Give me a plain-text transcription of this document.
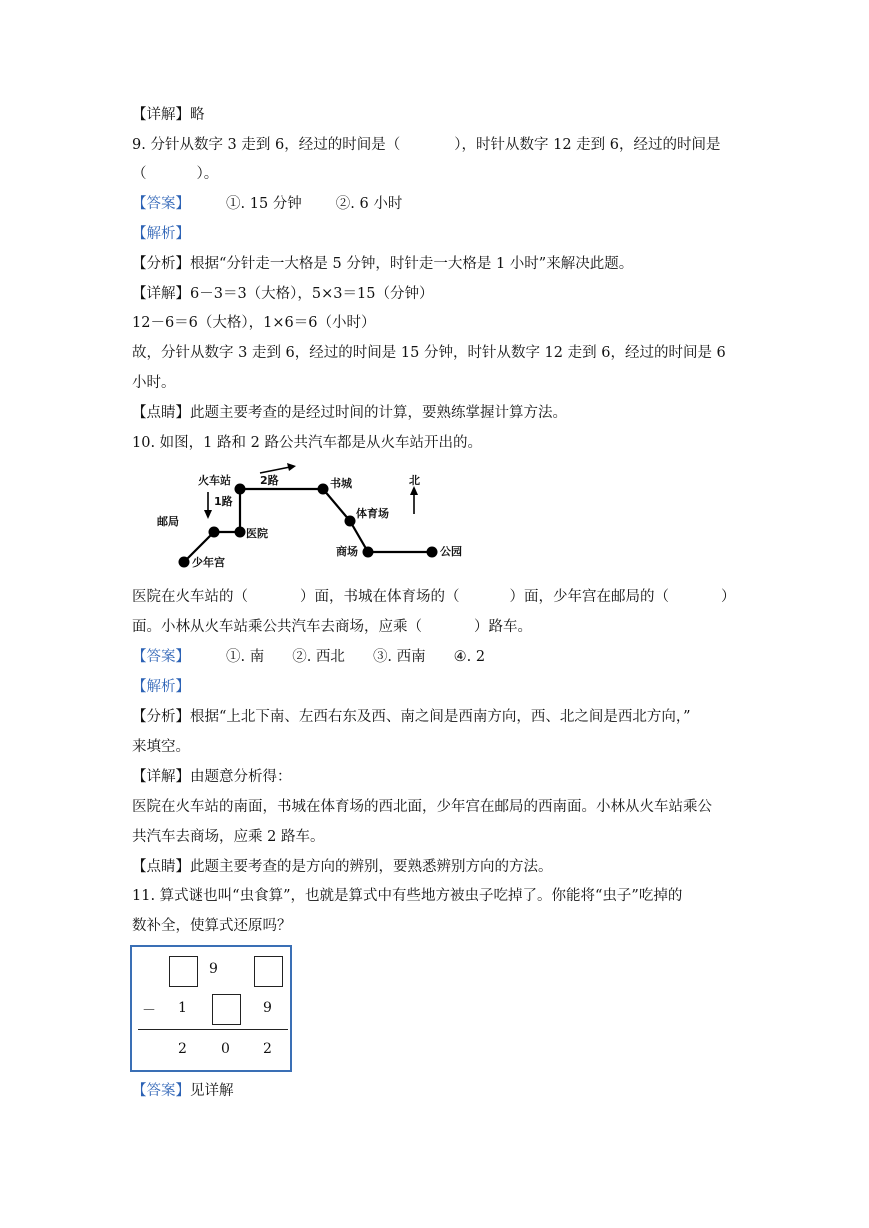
【详解】略
9. 分针从数字 3 走到 6，经过的时间是（	），时针从数字 12 走到 6，经过的时间是
（	）。
【答案】 ①. 15 分钟 ②. 6 小时
【解析】
【分析】根据“分针走一大格是 5 分钟，时针走一大格是 1 小时”来解决此题。
【详解】6－3＝3（大格），5×3＝15（分钟）
12－6＝6（大格），1×6＝6（小时）
故，分针从数字 3 走到 6，经过的时间是 15 分钟，时针从数字 12 走到 6，经过的时间是 6
小时。
【点睛】此题主要考查的是经过时间的计算，要熟练掌握计算方法。
10. 如图，1 路和 2 路公共汽车都是从火车站开出的。
火车站	2路
1路
书城	北
体育场
邮局
医院
商场	公园
少年宫
医院在火车站的（	）面，书城在体育场的（	）面，少年宫在邮局的（	）
面。小林从火车站乘公共汽车去商场，应乘（	）路车。
【答案】 ①. 南 ②. 西北 ③. 西南 ④. 2
【解析】
【分析】根据“上北下南、左西右东及西、南之间是西南方向，西、北之间是西北方向，”
来填空。
【详解】由题意分析得：
医院在火车站的南面，书城在体育场的西北面，少年宫在邮局的西南面。小林从火车站乘公
共汽车去商场，应乘 2 路车。
【点睛】此题主要考查的是方向的辨别，要熟悉辨别方向的方法。
11. 算式谜也叫“虫食算”，也就是算式中有些地方被虫子吃掉了。你能将“虫子”吃掉的
数补全，使算式还原吗？
9
－ 1	9
2 0 2
【答案】见详解
